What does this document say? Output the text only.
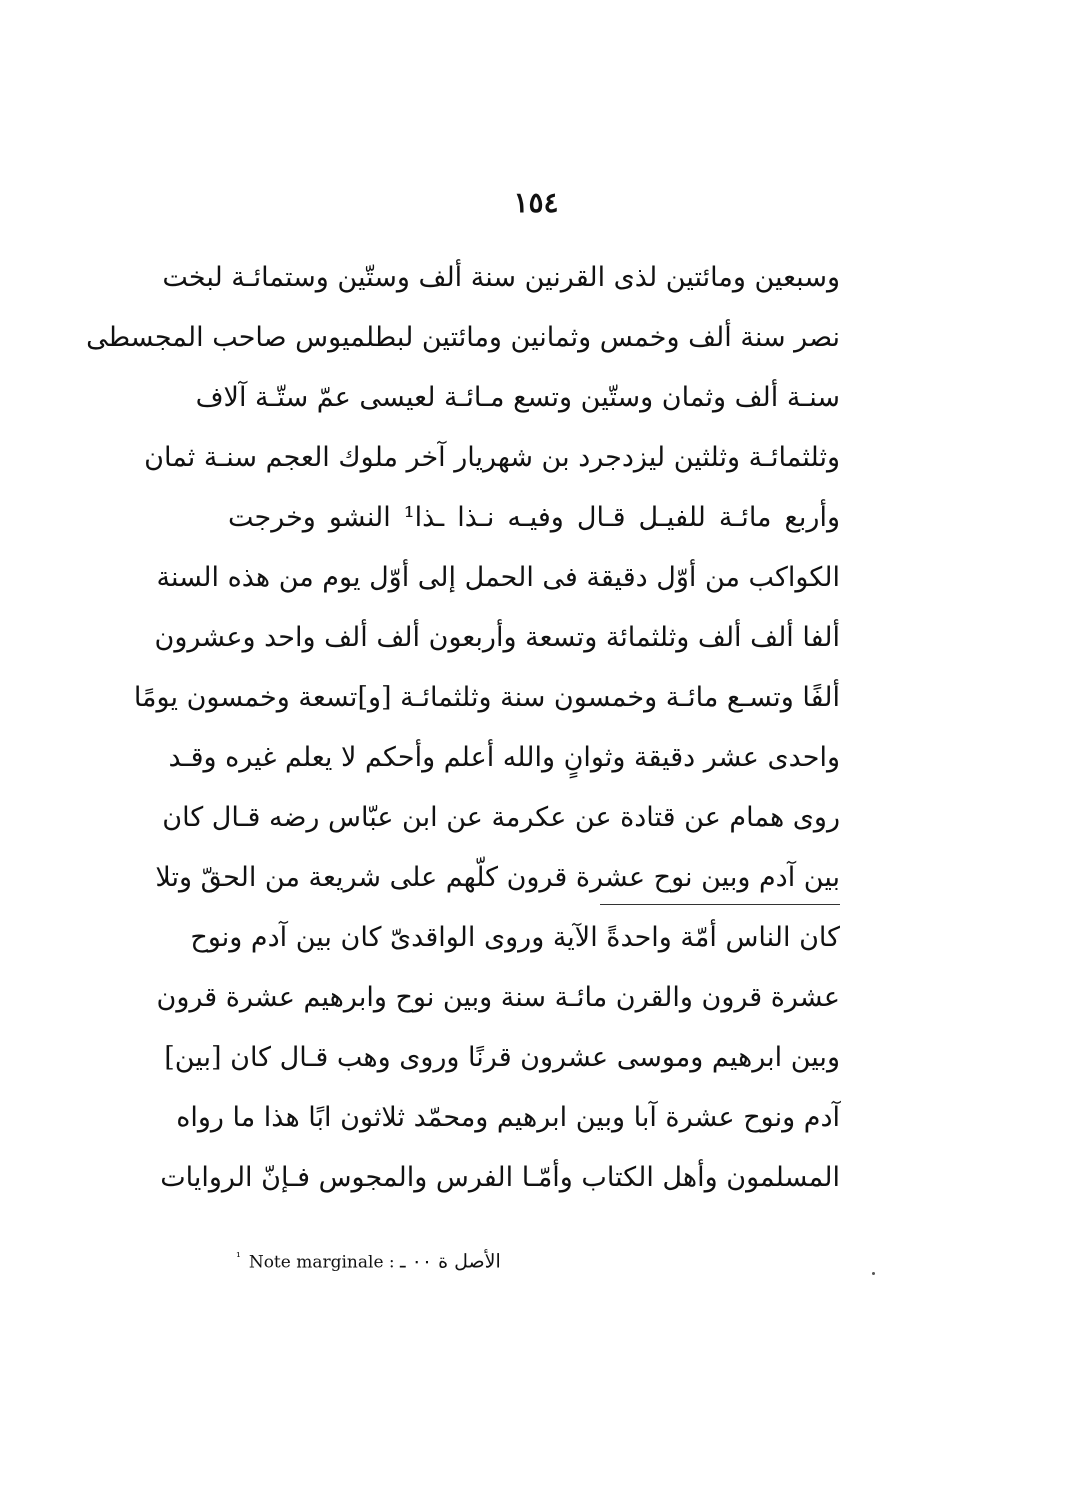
١٥٤
وسبعين ومائتين لذى القرنين سنة ألف وستّين وستمائـة لبخت
نصر سنة ألف وخمس وثمانين ومائتين لبطلميوس صاحب المجسطى
سنـة ألف وثمان وستّين وتسع مـائـة لعيسى عمّ ستّـة آلاف
وثلثمائـة وثلثين ليزدجرد بن شهريار آخر ملوك العجم سنـة ثمان
وأربع مائـة للفيـل قـال وفيـه نـذا ـذا¹ النشو وخرجت
الكواكب من أوّل دقيقة فى الحمل إلى أوّل يوم من هذه السنة
ألفا ألف ألف وثلثمائة وتسعة وأربعون ألف ألف واحد وعشرون
ألفًا وتسـع مائـة وخمسون سنة وثلثمائـة [و]تسعة وخمسون يومًا
واحدى عشر دقيقة وثوانٍ والله أعلم وأحكم لا يعلم غيره وقـد
روى همام عن قتادة عن عكرمة عن ابن عبّاس رضه قـال كان
بين آدم وبين نوح عشرة قرون كلّهم على شريعة من الحقّ وتلا
كان الناس أمّة واحدةً الآية وروى الواقدىّ كان بين آدم ونوح
عشرة قرون والقرن مائـة سنة وبين نوح وابرهيم عشرة قرون
وبين ابرهيم وموسى عشرون قرنًا وروى وهب قـال كان [بين]
آدم ونوح عشرة آبا وبين ابرهيم ومحمّد ثلاثون ابًا هذا ما رواه
المسلمون وأهل الكتاب وأمّـا الفرس والمجوس فـإنّ الروايات
$^{^1}$ Note marginale : الأصل ة ٠٠ ـ
